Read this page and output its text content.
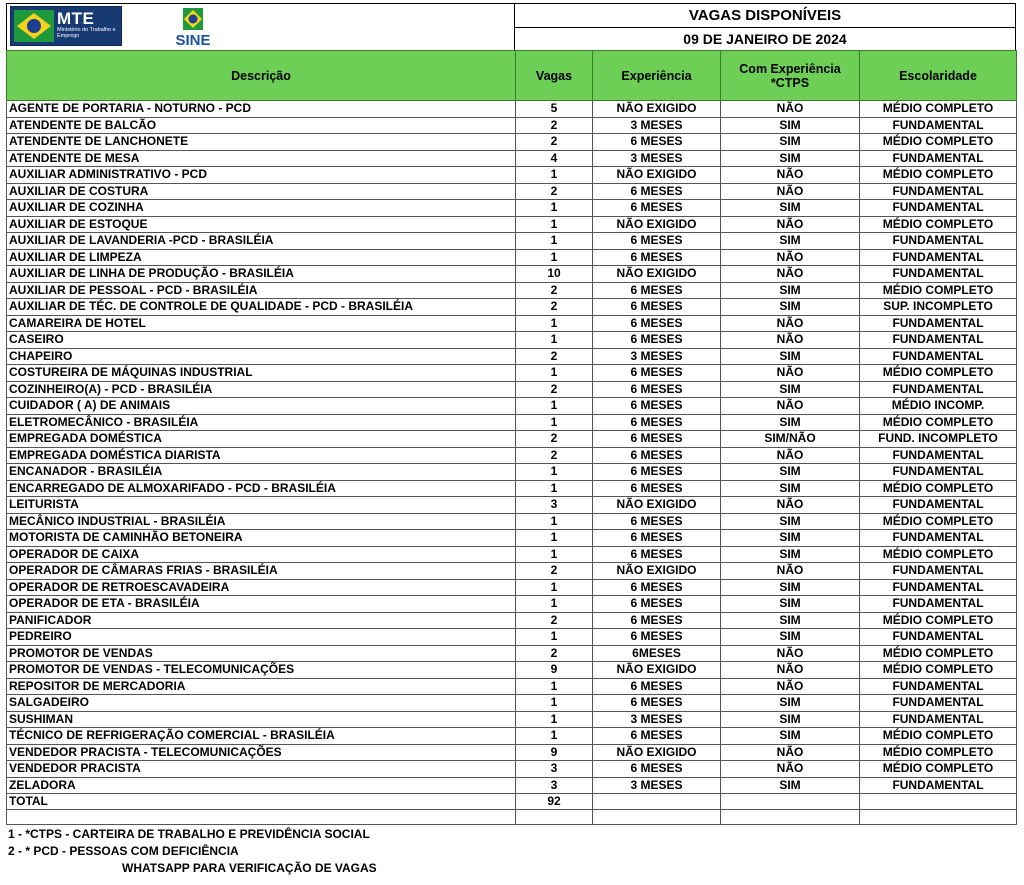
MTE
Ministério do Trabalho e Emprego	SINE
VAGAS DISPONÍVEIS
09 DE JANEIRO DE 2024
Descrição	Vagas	Experiência	Com Experiência *CTPS	Escolaridade
AGENTE DE PORTARIA - NOTURNO - PCD	5	NÃO EXIGIDO	NÃO	MÉDIO COMPLETO
ATENDENTE DE BALCÃO	2	3 MESES	SIM	FUNDAMENTAL
ATENDENTE DE LANCHONETE	2	6 MESES	SIM	MÉDIO COMPLETO
ATENDENTE DE MESA	4	3 MESES	SIM	FUNDAMENTAL
AUXILIAR ADMINISTRATIVO - PCD	1	NÃO EXIGIDO	NÃO	MÉDIO COMPLETO
AUXILIAR DE COSTURA	2	6 MESES	NÃO	FUNDAMENTAL
AUXILIAR DE COZINHA	1	6 MESES	SIM	FUNDAMENTAL
AUXILIAR DE ESTOQUE	1	NÃO EXIGIDO	NÃO	MÉDIO COMPLETO
AUXILIAR DE LAVANDERIA -PCD - BRASILÉIA	1	6 MESES	SIM	FUNDAMENTAL
AUXILIAR DE LIMPEZA	1	6 MESES	NÃO	FUNDAMENTAL
AUXILIAR DE LINHA DE PRODUÇÃO - BRASILÉIA	10	NÃO EXIGIDO	NÃO	FUNDAMENTAL
AUXILIAR DE PESSOAL - PCD - BRASILÉIA	2	6 MESES	SIM	MÉDIO COMPLETO
AUXILIAR DE TÉC. DE CONTROLE DE QUALIDADE - PCD - BRASILÉIA	2	6 MESES	SIM	SUP. INCOMPLETO
CAMAREIRA DE HOTEL	1	6 MESES	NÃO	FUNDAMENTAL
CASEIRO	1	6 MESES	NÃO	FUNDAMENTAL
CHAPEIRO	2	3 MESES	SIM	FUNDAMENTAL
COSTUREIRA DE MÁQUINAS INDUSTRIAL	1	6 MESES	NÃO	MÉDIO COMPLETO
COZINHEIRO(A) - PCD - BRASILÉIA	2	6 MESES	SIM	FUNDAMENTAL
CUIDADOR ( A) DE ANIMAIS	1	6 MESES	NÃO	MÉDIO INCOMP.
ELETROMECÂNICO - BRASILÉIA	1	6 MESES	SIM	MÉDIO COMPLETO
EMPREGADA DOMÉSTICA	2	6 MESES	SIM/NÃO	FUND. INCOMPLETO
EMPREGADA DOMÉSTICA DIARISTA	2	6 MESES	NÃO	FUNDAMENTAL
ENCANADOR - BRASILÉIA	1	6 MESES	SIM	FUNDAMENTAL
ENCARREGADO DE ALMOXARIFADO - PCD - BRASILÉIA	1	6 MESES	SIM	MÉDIO COMPLETO
LEITURISTA	3	NÃO EXIGIDO	NÃO	FUNDAMENTAL
MECÂNICO INDUSTRIAL - BRASILÉIA	1	6 MESES	SIM	MÉDIO COMPLETO
MOTORISTA DE CAMINHÃO BETONEIRA	1	6 MESES	SIM	FUNDAMENTAL
OPERADOR DE CAIXA	1	6 MESES	SIM	MÉDIO COMPLETO
OPERADOR DE CÂMARAS FRIAS - BRASILÉIA	2	NÃO EXIGIDO	NÃO	FUNDAMENTAL
OPERADOR DE RETROESCAVADEIRA	1	6 MESES	SIM	FUNDAMENTAL
OPERADOR DE ETA - BRASILÉIA	1	6 MESES	SIM	FUNDAMENTAL
PANIFICADOR	2	6 MESES	SIM	MÉDIO COMPLETO
PEDREIRO	1	6 MESES	SIM	FUNDAMENTAL
PROMOTOR DE VENDAS	2	6MESES	NÃO	MÉDIO COMPLETO
PROMOTOR DE VENDAS - TELECOMUNICAÇÕES	9	NÃO EXIGIDO	NÃO	MÉDIO COMPLETO
REPOSITOR DE MERCADORIA	1	6 MESES	NÃO	FUNDAMENTAL
SALGADEIRO	1	6 MESES	SIM	FUNDAMENTAL
SUSHIMAN	1	3 MESES	SIM	FUNDAMENTAL
TÉCNICO DE REFRIGERAÇÃO COMERCIAL - BRASILÉIA	1	6 MESES	SIM	MÉDIO COMPLETO
VENDEDOR PRACISTA - TELECOMUNICAÇÕES	9	NÃO EXIGIDO	NÃO	MÉDIO COMPLETO
VENDEDOR PRACISTA	3	6 MESES	NÃO	MÉDIO COMPLETO
ZELADORA	3	3 MESES	SIM	FUNDAMENTAL
TOTAL	92			

1 - *CTPS - CARTEIRA DE TRABALHO E PREVIDÊNCIA SOCIAL
2 - * PCD - PESSOAS COM DEFICIÊNCIA
WHATSAPP PARA VERIFICAÇÃO DE VAGAS
